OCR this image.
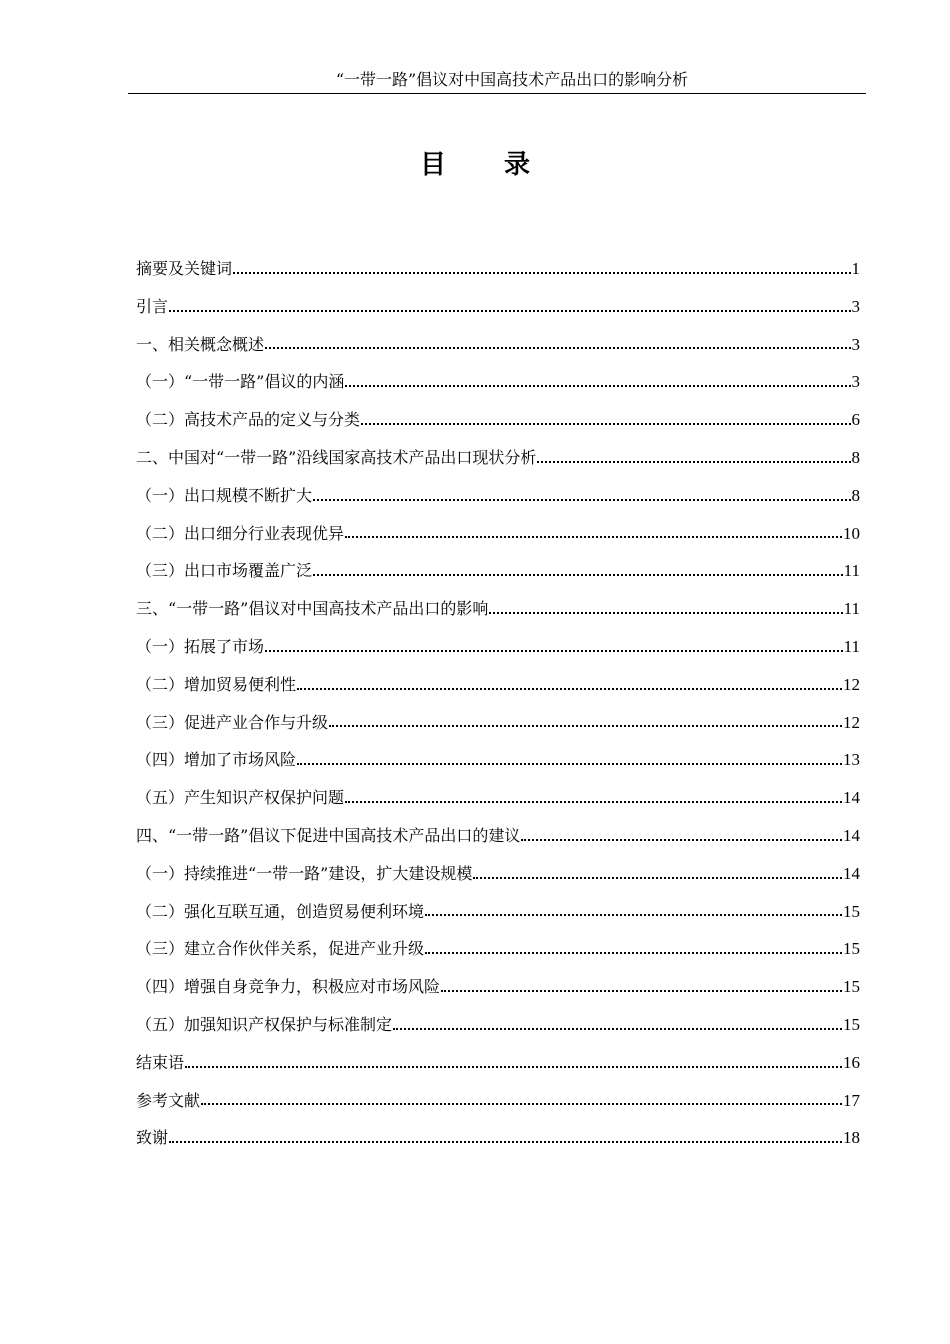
“一带一路”倡议对中国高技术产品出口的影响分析
目录
摘要及关键词	1
引言	3
一、相关概念概述	3
（一）“一带一路”倡议的内涵	3
（二）高技术产品的定义与分类	6
二、中国对“一带一路”沿线国家高技术产品出口现状分析	8
（一）出口规模不断扩大	8
（二）出口细分行业表现优异	10
（三）出口市场覆盖广泛	11
三、“一带一路”倡议对中国高技术产品出口的影响	11
（一）拓展了市场	11
（二）增加贸易便利性	12
（三）促进产业合作与升级	12
（四）增加了市场风险	13
（五）产生知识产权保护问题	14
四、“一带一路”倡议下促进中国高技术产品出口的建议	14
（一）持续推进“一带一路”建设，扩大建设规模	14
（二）强化互联互通，创造贸易便利环境	15
（三）建立合作伙伴关系，促进产业升级	15
（四）增强自身竞争力，积极应对市场风险	15
（五）加强知识产权保护与标准制定	15
结束语	16
参考文献	17
致谢	18
